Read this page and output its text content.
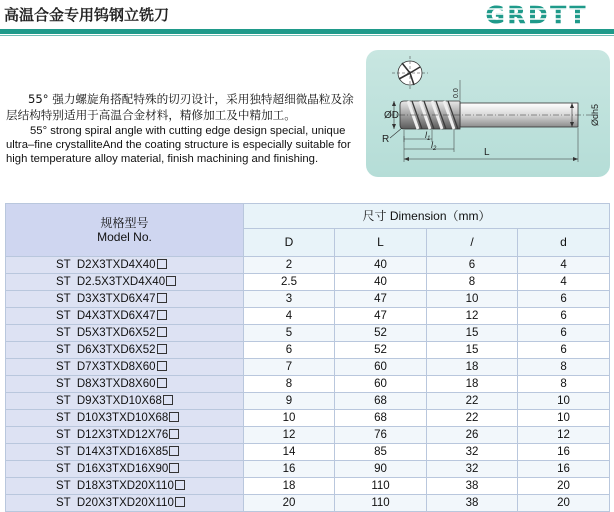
高温合金专用钨钢立铣刀	GRDTT
55° 强力螺旋角搭配特殊的切刃设计，采用独特超细微晶粒及涂层结构特别适用于高温合金材料，精修加工及中精加工。
55° strong spiral angle with cutting edge design special, unique ultra–fine crystalliteAnd the coating structure is especially suitable for high temperature alloy material, finish machining and finishing.
ØD
R
0.0
Ødh5
$l_1$
$l_2$	L
规格型号
Model No.	尺寸 Dimension（mm）			
	D	L	/	d
ST  D2X3TXD4X40	2	40	6	4
ST  D2.5X3TXD4X40	2.5	40	8	4
ST  D3X3TXD6X47	3	47	10	6
ST  D4X3TXD6X47	4	47	12	6
ST  D5X3TXD6X52	5	52	15	6
ST  D6X3TXD6X52	6	52	15	6
ST  D7X3TXD8X60	7	60	18	8
ST  D8X3TXD8X60	8	60	18	8
ST  D9X3TXD10X68	9	68	22	10
ST  D10X3TXD10X68	10	68	22	10
ST  D12X3TXD12X76	12	76	26	12
ST  D14X3TXD16X85	14	85	32	16
ST  D16X3TXD16X90	16	90	32	16
ST  D18X3TXD20X110	18	110	38	20
ST  D20X3TXD20X110	20	110	38	20
